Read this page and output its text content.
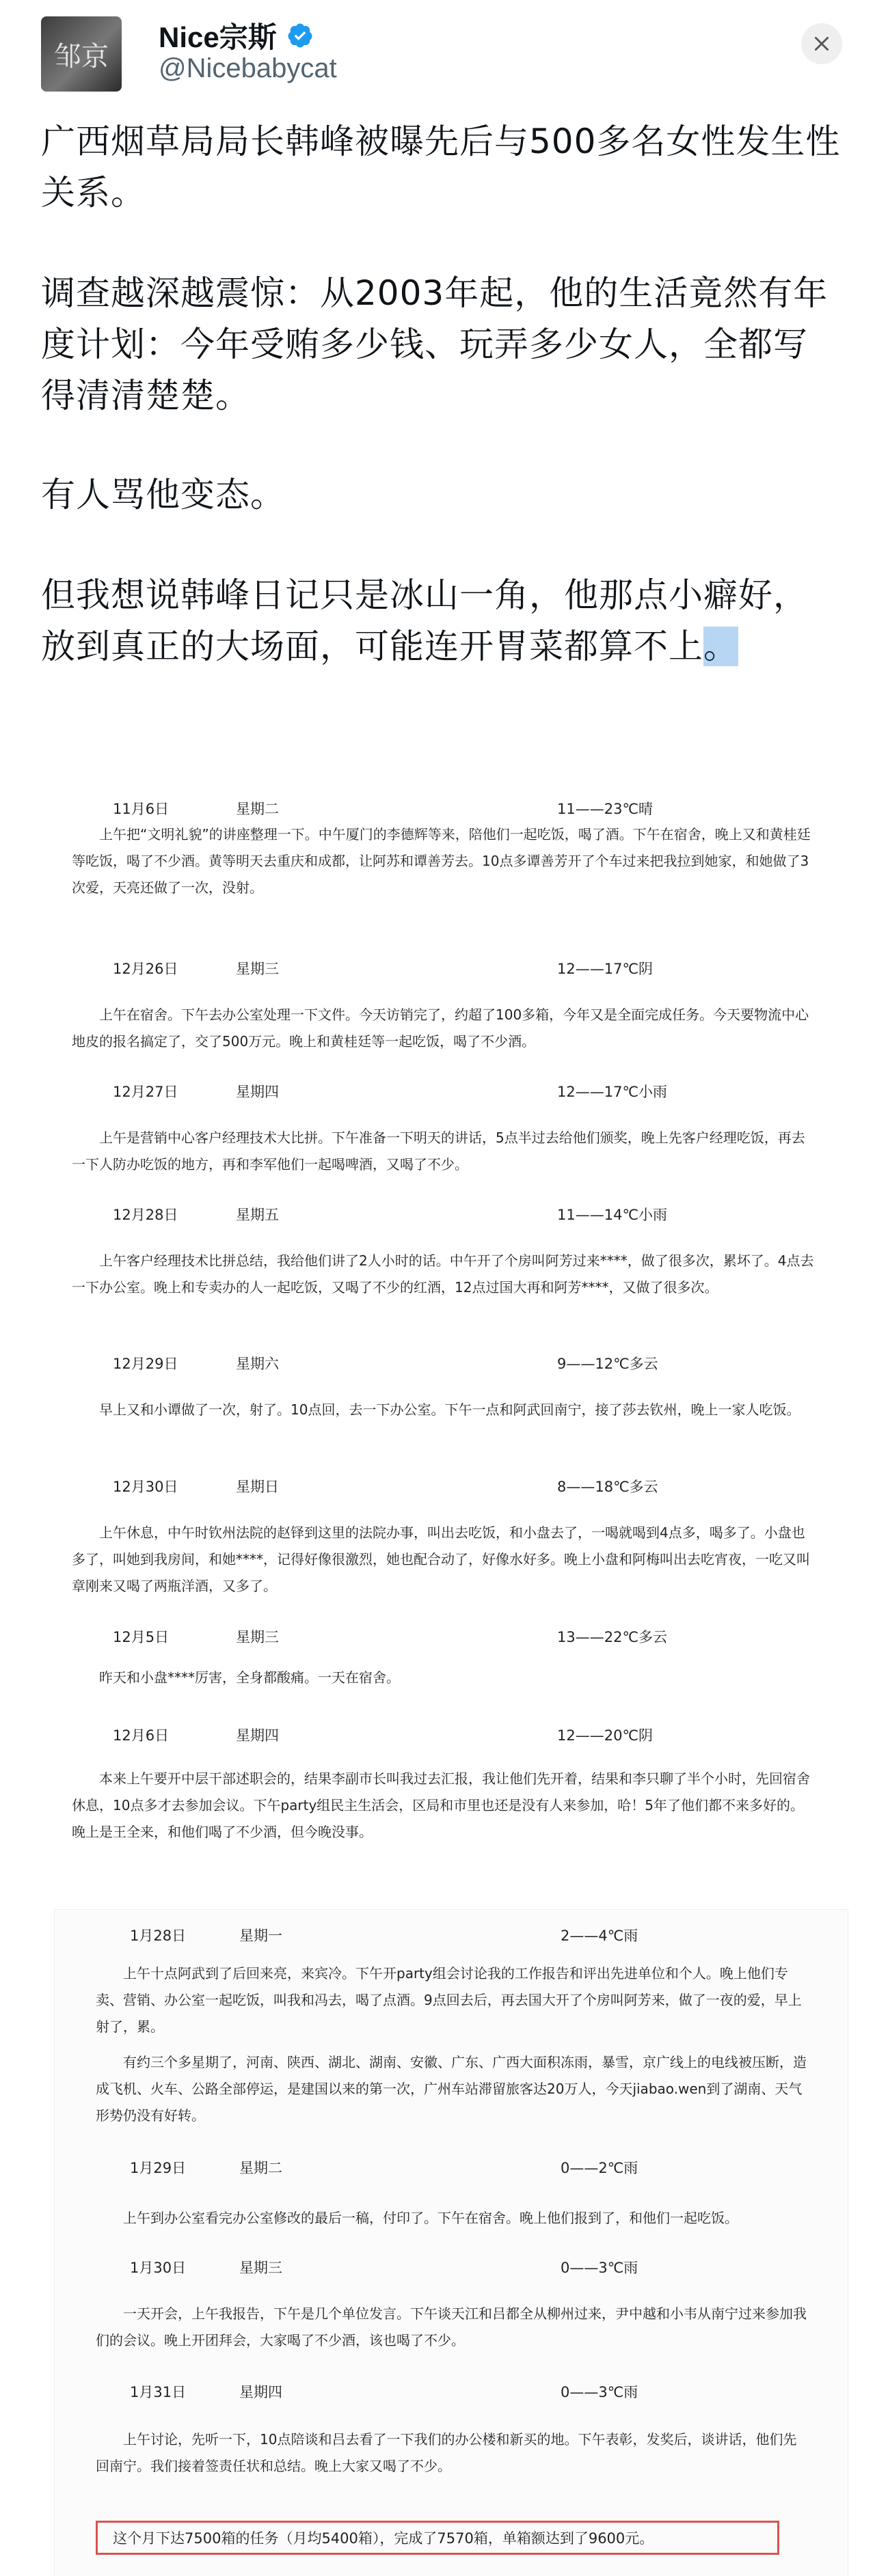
邹京
Nice宗斯
@Nicebabycat

广西烟草局局长韩峰被曝先后与500多名女性发生性关系。

调查越深越震惊：从2003年起，他的生活竟然有年度计划：今年受贿多少钱、玩弄多少女人，全都写得清清楚楚。

有人骂他变态。

但我想说韩峰日记只是冰山一角，他那点小癖好，放到真正的大场面，可能连开胃菜都算不上。

11月6日	星期二	11——23℃晴
上午把“文明礼貌”的讲座整理一下。中午厦门的李德辉等来，陪他们一起吃饭，喝了酒。下午在宿舍，晚上又和黄桂廷等吃饭，喝了不少酒。黄等明天去重庆和成都，让阿苏和谭善芳去。10点多谭善芳开了个车过来把我拉到她家，和她做了3次爱，天亮还做了一次，没射。
12月26日	星期三	12——17℃阴
上午在宿舍。下午去办公室处理一下文件。今天访销完了，约超了100多箱，今年又是全面完成任务。今天要物流中心地皮的报名搞定了，交了500万元。晚上和黄桂廷等一起吃饭，喝了不少酒。
12月27日	星期四	12——17℃小雨
上午是营销中心客户经理技术大比拼。下午准备一下明天的讲话，5点半过去给他们颁奖，晚上先客户经理吃饭，再去一下人防办吃饭的地方，再和李军他们一起喝啤酒，又喝了不少。
12月28日	星期五	11——14℃小雨
上午客户经理技术比拼总结，我给他们讲了2人小时的话。中午开了个房叫阿芳过来****，做了很多次，累坏了。4点去一下办公室。晚上和专卖办的人一起吃饭，又喝了不少的红酒，12点过国大再和阿芳****，又做了很多次。
12月29日	星期六	9——12℃多云
早上又和小谭做了一次，射了。10点回，去一下办公室。下午一点和阿武回南宁，接了莎去钦州，晚上一家人吃饭。
12月30日	星期日	8——18℃多云
上午休息，中午时钦州法院的赵铎到这里的法院办事，叫出去吃饭，和小盘去了，一喝就喝到4点多，喝多了。小盘也多了，叫她到我房间，和她****，记得好像很激烈，她也配合动了，好像水好多。晚上小盘和阿梅叫出去吃宵夜，一吃又叫章刚来又喝了两瓶洋酒，又多了。
12月5日	星期三	13——22℃多云
昨天和小盘****厉害，全身都酸痛。一天在宿舍。
12月6日	星期四	12——20℃阴
本来上午要开中层干部述职会的，结果李副市长叫我过去汇报，我让他们先开着，结果和李只聊了半个小时，先回宿舍休息，10点多才去参加会议。下午party组民主生活会，区局和市里也还是没有人来参加，哈！5年了他们都不来多好的。晚上是王全来，和他们喝了不少酒，但今晚没事。
1月28日	星期一	2——4℃雨
上午十点阿武到了后回来亮，来宾冷。下午开party组会讨论我的工作报告和评出先进单位和个人。晚上他们专卖、营销、办公室一起吃饭，叫我和冯去，喝了点酒。9点回去后，再去国大开了个房叫阿芳来，做了一夜的爱，早上射了，累。
有约三个多星期了，河南、陕西、湖北、湖南、安徽、广东、广西大面积冻雨，暴雪，京广线上的电线被压断，造成飞机、火车、公路全部停运，是建国以来的第一次，广州车站滞留旅客达20万人，今天jiabao.wen到了湖南、天气形势仍没有好转。
1月29日	星期二	0——2℃雨
上午到办公室看完办公室修改的最后一稿，付印了。下午在宿舍。晚上他们报到了，和他们一起吃饭。
1月30日	星期三	0——3℃雨
一天开会，上午我报告，下午是几个单位发言。下午谈天江和吕都全从柳州过来，尹中越和小韦从南宁过来参加我们的会议。晚上开团拜会，大家喝了不少酒，该也喝了不少。
1月31日	星期四	0——3℃雨
上午讨论，先听一下，10点陪谈和吕去看了一下我们的办公楼和新买的地。下午表彰，发奖后，谈讲话，他们先回南宁。我们接着签责任状和总结。晚上大家又喝了不少。
这个月下达7500箱的任务（月均5400箱），完成了7570箱，单箱额达到了9600元。
